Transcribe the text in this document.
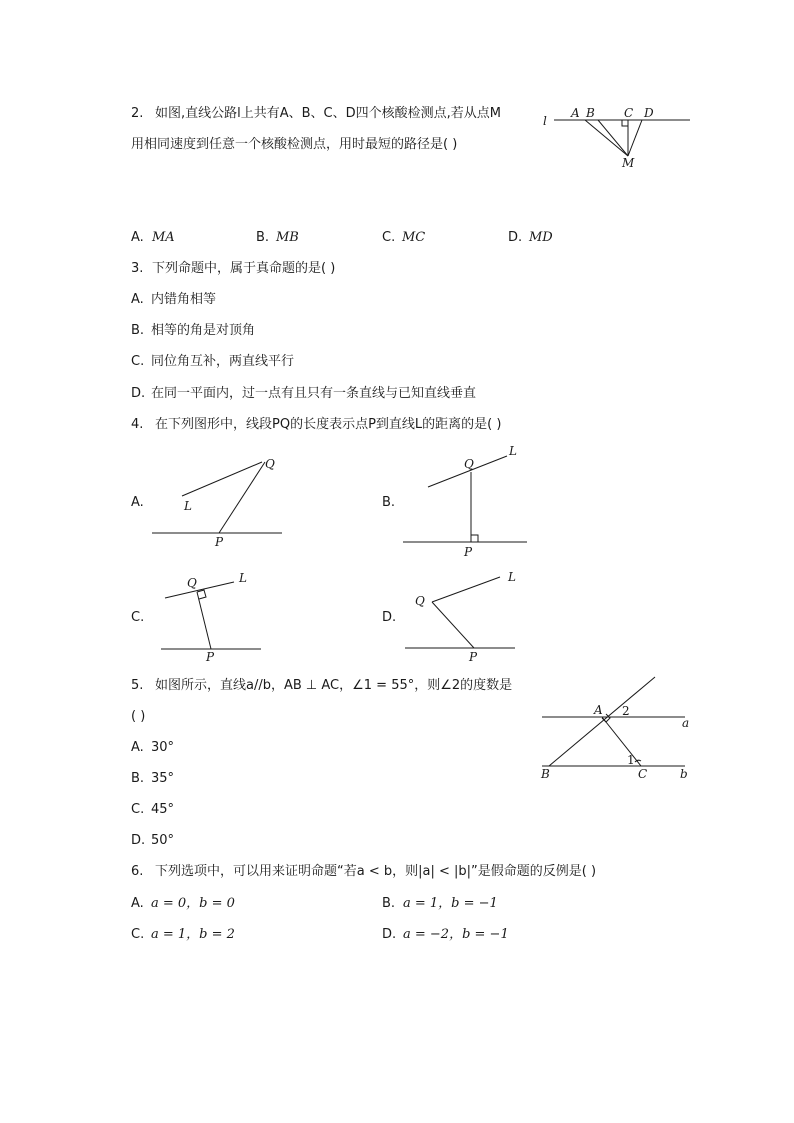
2. 如图,直线公路l上共有A、B、C、D四个核酸检测点,若从点M
用相同速度到任意一个核酸检测点，用时最短的路径是( )
l
A B C D
M
A. MA	B. MB	C. MC	D. MD
3. 下列命题中，属于真命题的是( )
A. 内错角相等
B. 相等的角是对顶角
C. 同位角互补，两直线平行
D. 在同一平面内，过一点有且只有一条直线与已知直线垂直
4. 在下列图形中，线段PQ的长度表示点P到直线L的距离的是( )
A.
Q
L
P
B.
L
Q
P
C.
Q	L
P
D.
L
Q
P
5. 如图所示，直线a//b，AB ⊥ AC，∠1 = 55°，则∠2的度数是
( )	A 2
a
1
B	C	b
A. 30°
B. 35°
C. 45°
D. 50°
6. 下列选项中，可以用来证明命题“若a < b，则|a| < |b|”是假命题的反例是( )
A. a = 0，b = 0	B. a = 1，b = −1
C. a = 1，b = 2	D. a = −2，b = −1
